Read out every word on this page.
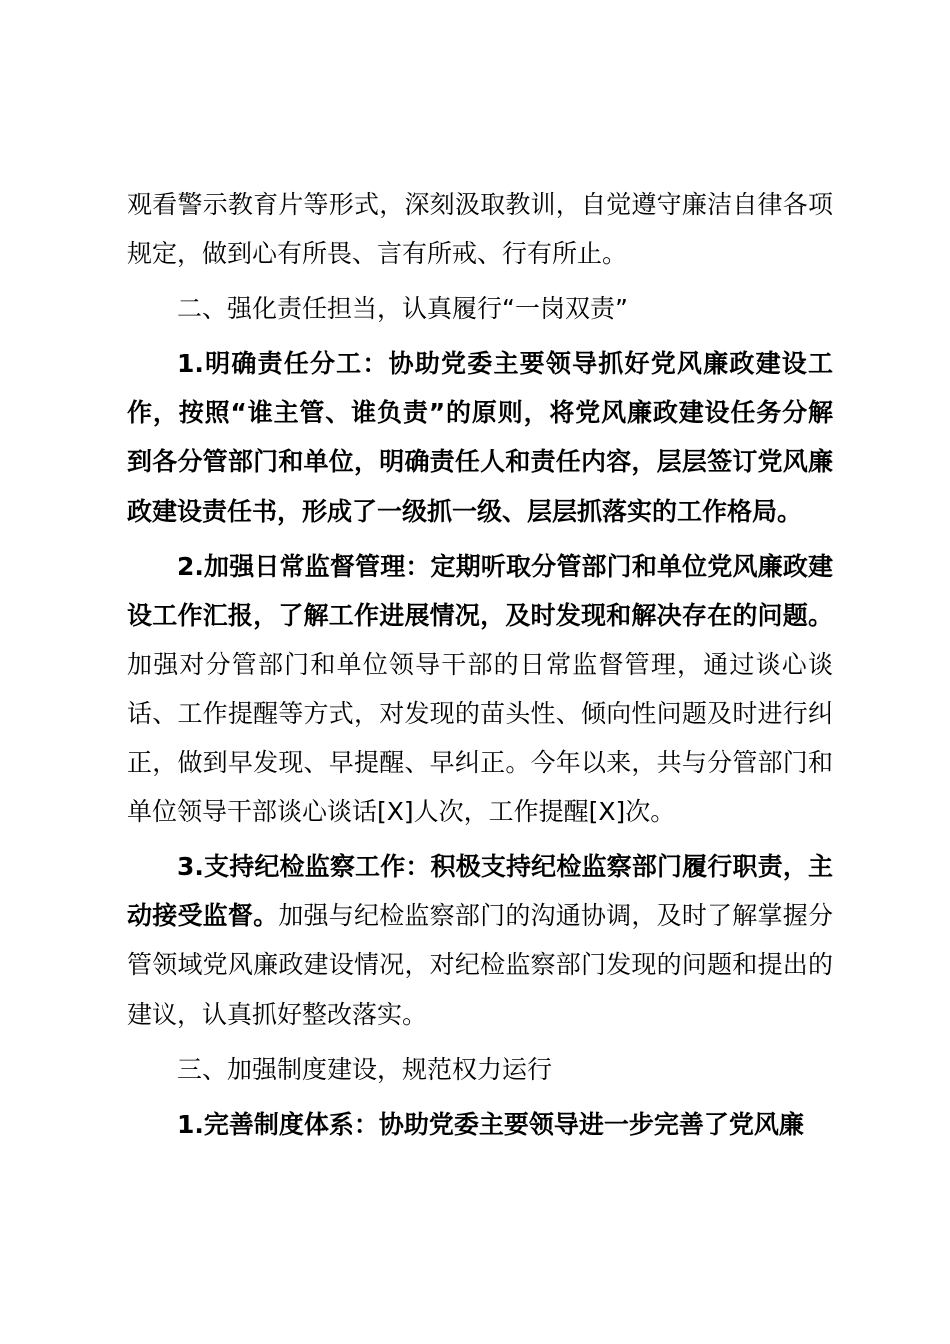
观看警示教育片等形式，深刻汲取教训，自觉遵守廉洁自律各项规定，做到心有所畏、言有所戒、行有所止。

二、强化责任担当，认真履行“一岗双责”

1.明确责任分工：协助党委主要领导抓好党风廉政建设工作，按照“谁主管、谁负责”的原则，将党风廉政建设任务分解到各分管部门和单位，明确责任人和责任内容，层层签订党风廉政建设责任书，形成了一级抓一级、层层抓落实的工作格局。

2.加强日常监督管理：定期听取分管部门和单位党风廉政建设工作汇报，了解工作进展情况，及时发现和解决存在的问题。加强对分管部门和单位领导干部的日常监督管理，通过谈心谈话、工作提醒等方式，对发现的苗头性、倾向性问题及时进行纠正，做到早发现、早提醒、早纠正。今年以来，共与分管部门和单位领导干部谈心谈话[X]人次，工作提醒[X]次。

3.支持纪检监察工作：积极支持纪检监察部门履行职责，主动接受监督。加强与纪检监察部门的沟通协调，及时了解掌握分管领域党风廉政建设情况，对纪检监察部门发现的问题和提出的建议，认真抓好整改落实。

三、加强制度建设，规范权力运行

1.完善制度体系：协助党委主要领导进一步完善了党风廉
